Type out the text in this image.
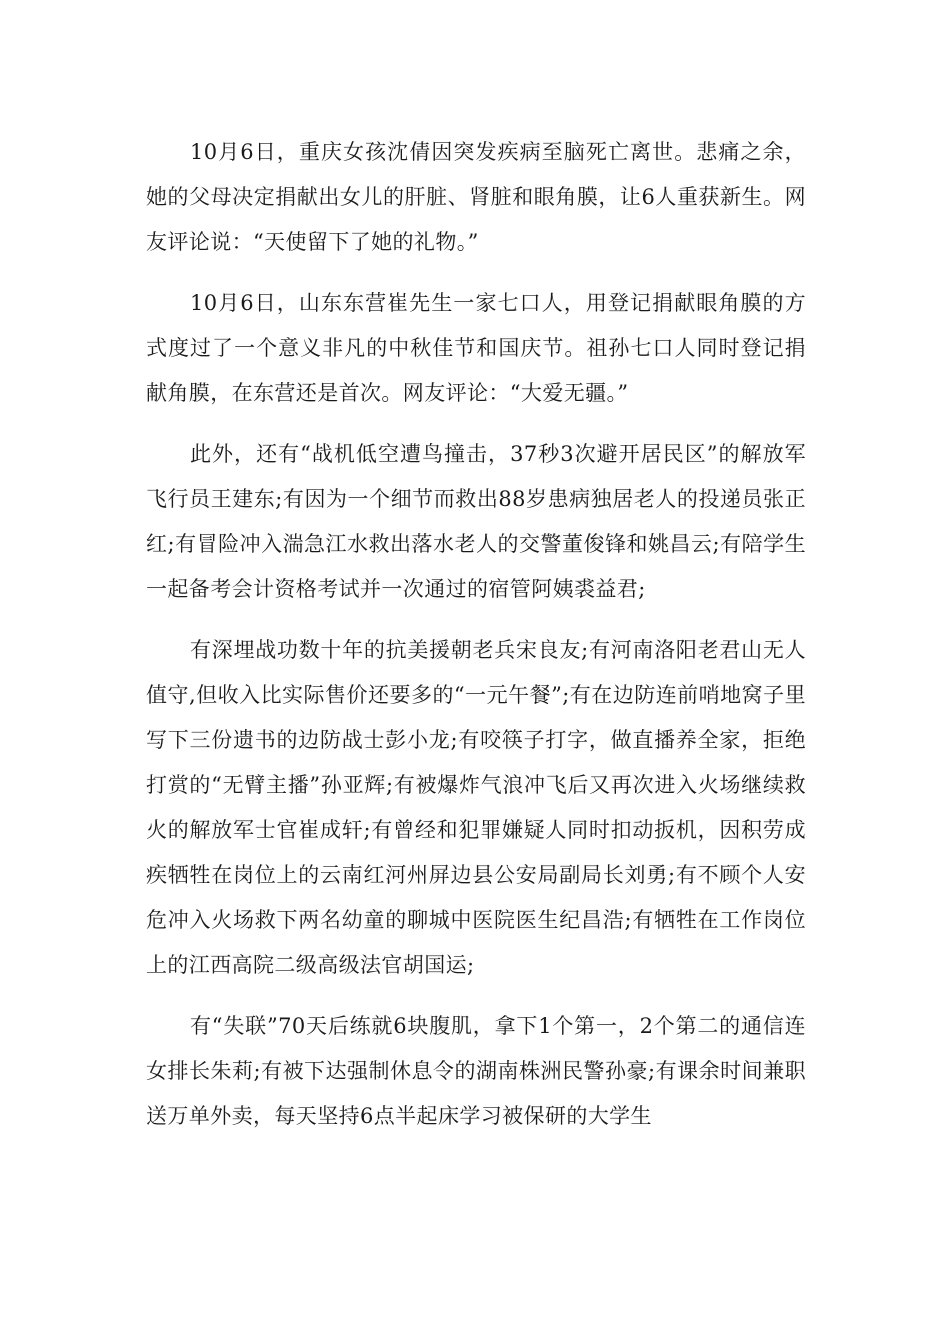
10月6日，重庆女孩沈倩因突发疾病至脑死亡离世。悲痛之余，她的父母决定捐献出女儿的肝脏、肾脏和眼角膜，让6人重获新生。网友评论说：“天使留下了她的礼物。”

10月6日，山东东营崔先生一家七口人，用登记捐献眼角膜的方式度过了一个意义非凡的中秋佳节和国庆节。祖孙七口人同时登记捐献角膜，在东营还是首次。网友评论：“大爱无疆。”

此外，还有“战机低空遭鸟撞击，37秒3次避开居民区”的解放军飞行员王建东;有因为一个细节而救出88岁患病独居老人的投递员张正红;有冒险冲入湍急江水救出落水老人的交警董俊锋和姚昌云;有陪学生一起备考会计资格考试并一次通过的宿管阿姨裘益君;

有深埋战功数十年的抗美援朝老兵宋良友;有河南洛阳老君山无人值守,但收入比实际售价还要多的“一元午餐”;有在边防连前哨地窝子里写下三份遗书的边防战士彭小龙;有咬筷子打字，做直播养全家，拒绝打赏的“无臂主播”孙亚辉;有被爆炸气浪冲飞后又再次进入火场继续救火的解放军士官崔成轩;有曾经和犯罪嫌疑人同时扣动扳机，因积劳成疾牺牲在岗位上的云南红河州屏边县公安局副局长刘勇;有不顾个人安危冲入火场救下两名幼童的聊城中医院医生纪昌浩;有牺牲在工作岗位上的江西高院二级高级法官胡国运;

有“失联”70天后练就6块腹肌，拿下1个第一，2个第二的通信连女排长朱莉;有被下达强制休息令的湖南株洲民警孙豪;有课余时间兼职送万单外卖，每天坚持6点半起床学习被保研的大学生
